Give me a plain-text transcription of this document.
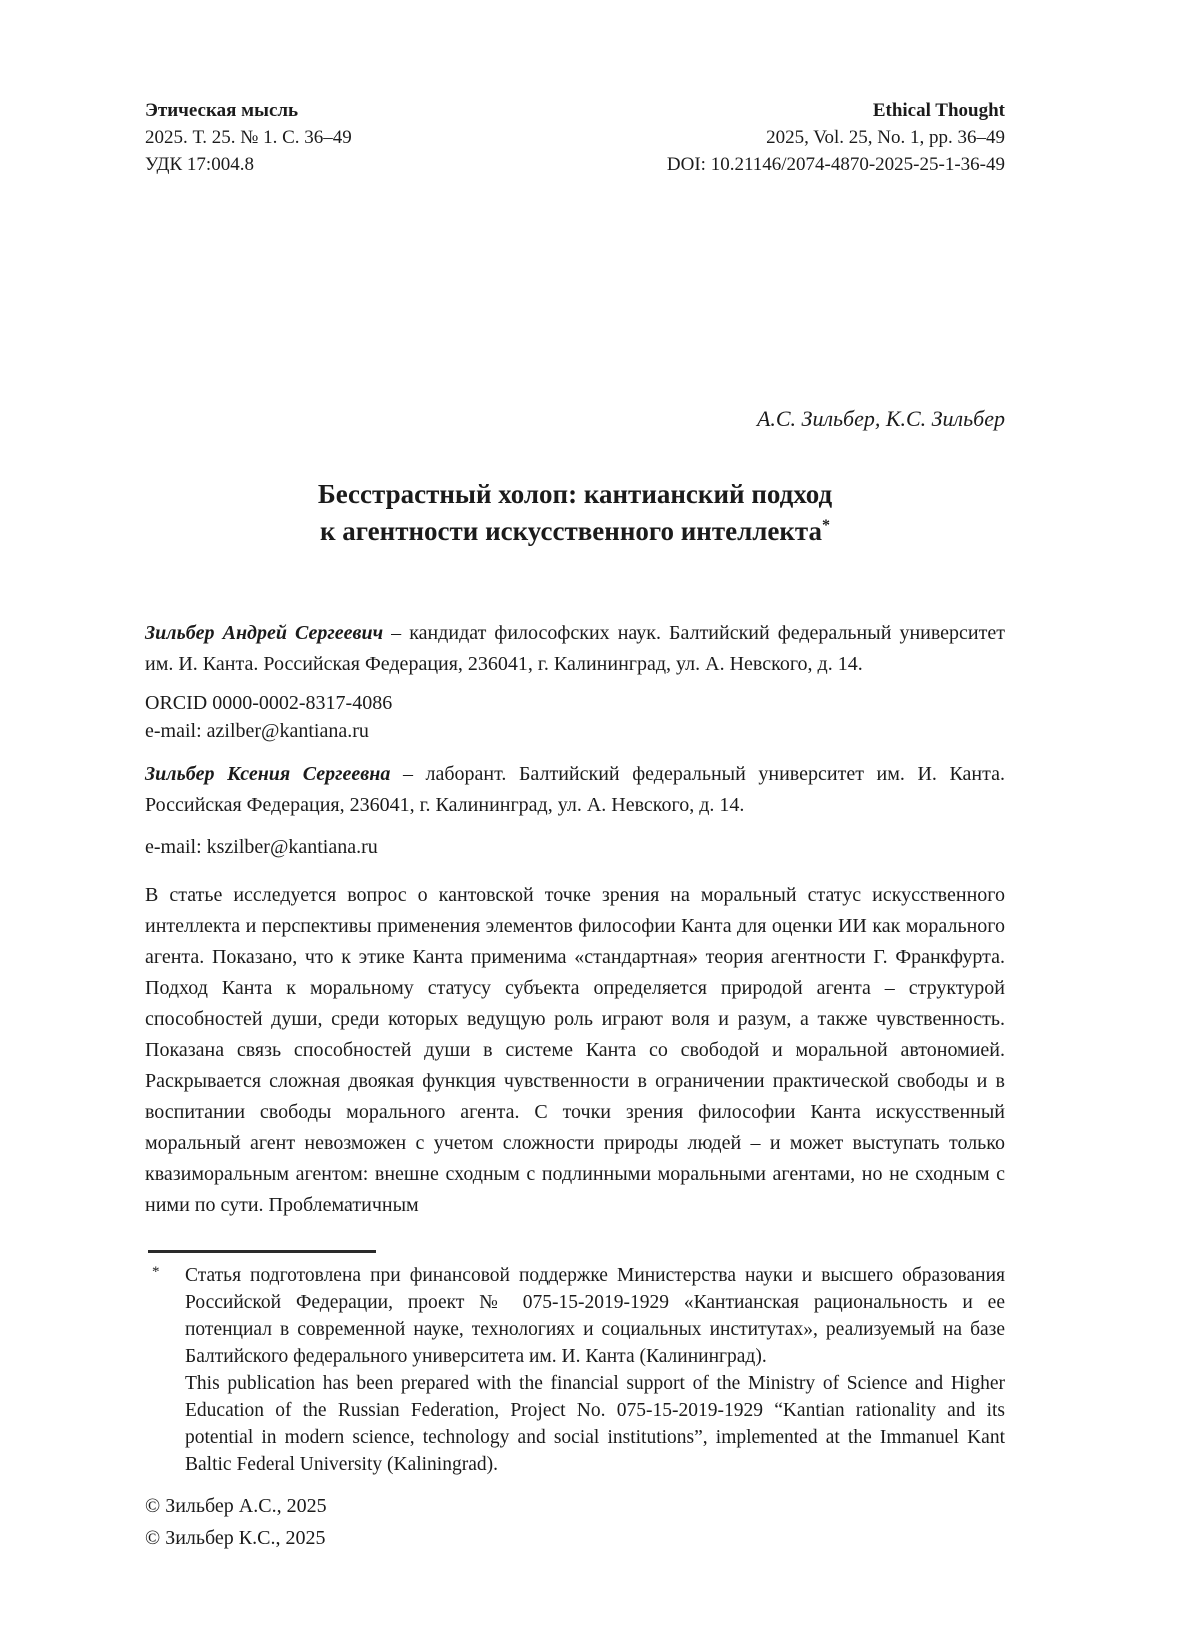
Этическая мысль
2025. Т. 25. № 1. С. 36–49
УДК 17:004.8
Ethical Thought
2025, Vol. 25, No. 1, pp. 36–49
DOI: 10.21146/2074-4870-2025-25-1-36-49
А.С. Зильбер, К.С. Зильбер
Бесстрастный холоп: кантианский подход
к агентности искусственного интеллекта*

Зильбер Андрей Сергеевич – кандидат философских наук. Балтийский федеральный университет им. И. Канта. Российская Федерация, 236041, г. Калининград, ул. А. Невского, д. 14.

ORCID 0000-0002-8317-4086

e-mail: azilber@kantiana.ru

Зильбер Ксения Сергеевна – лаборант. Балтийский федеральный университет им. И. Канта. Российская Федерация, 236041, г. Калининград, ул. А. Невского, д. 14.

e-mail: kszilber@kantiana.ru

В статье исследуется вопрос о кантовской точке зрения на моральный статус искусственного интеллекта и перспективы применения элементов философии Канта для оценки ИИ как морального агента. Показано, что к этике Канта применима «стандартная» теория агентности Г. Франкфурта. Подход Канта к моральному статусу субъекта определяется природой агента – структурой способностей души, среди которых ведущую роль играют воля и разум, а также чувственность. Показана связь способностей души в системе Канта со свободой и моральной автономией. Раскрывается сложная двоякая функция чувственности в ограничении практической свободы и в воспитании свободы морального агента. С точки зрения философии Канта искусственный моральный агент невозможен с учетом сложности природы людей – и может выступать только квазиморальным агентом: внешне сходным с подлинными моральными агентами, но не сходным с ними по сути. Проблематичным

* Статья подготовлена при финансовой поддержке Министерства науки и высшего образования Российской Федерации, проект № 075-15-2019-1929 «Кантианская рациональность и ее потенциал в современной науке, технологиях и социальных институтах», реализуемый на базе Балтийского федерального университета им. И. Канта (Калининград).

This publication has been prepared with the financial support of the Ministry of Science and Higher Education of the Russian Federation, Project No. 075-15-2019-1929 “Kantian rationality and its potential in modern science, technology and social institutions”, implemented at the Immanuel Kant Baltic Federal University (Kaliningrad).

© Зильбер А.С., 2025

© Зильбер К.С., 2025
